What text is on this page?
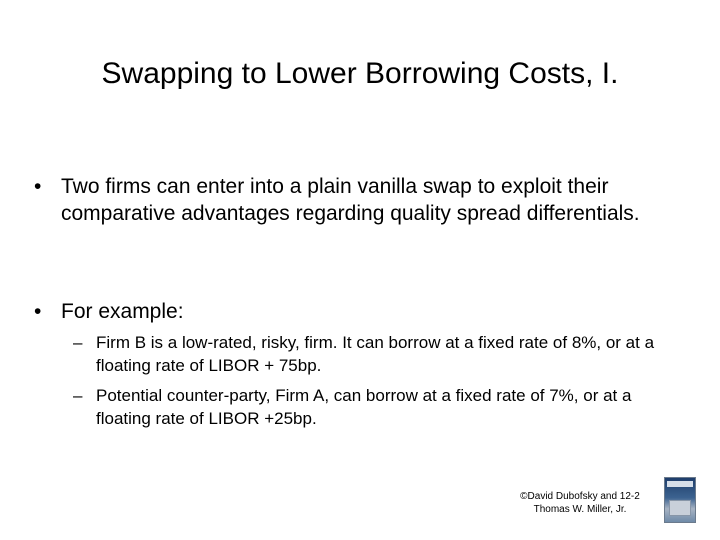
Swapping to Lower Borrowing Costs, I.
• Two firms can enter into a plain vanilla swap to exploit their comparative advantages regarding quality spread differentials.
• For example:
– Firm B is a low-rated, risky, firm. It can borrow at a fixed rate of 8%, or at a floating rate of LIBOR + 75bp.
– Potential counter-party, Firm A, can borrow at a fixed rate of 7%, or at a floating rate of LIBOR +25bp.
©David Dubofsky and 12-2
Thomas W. Miller, Jr.
